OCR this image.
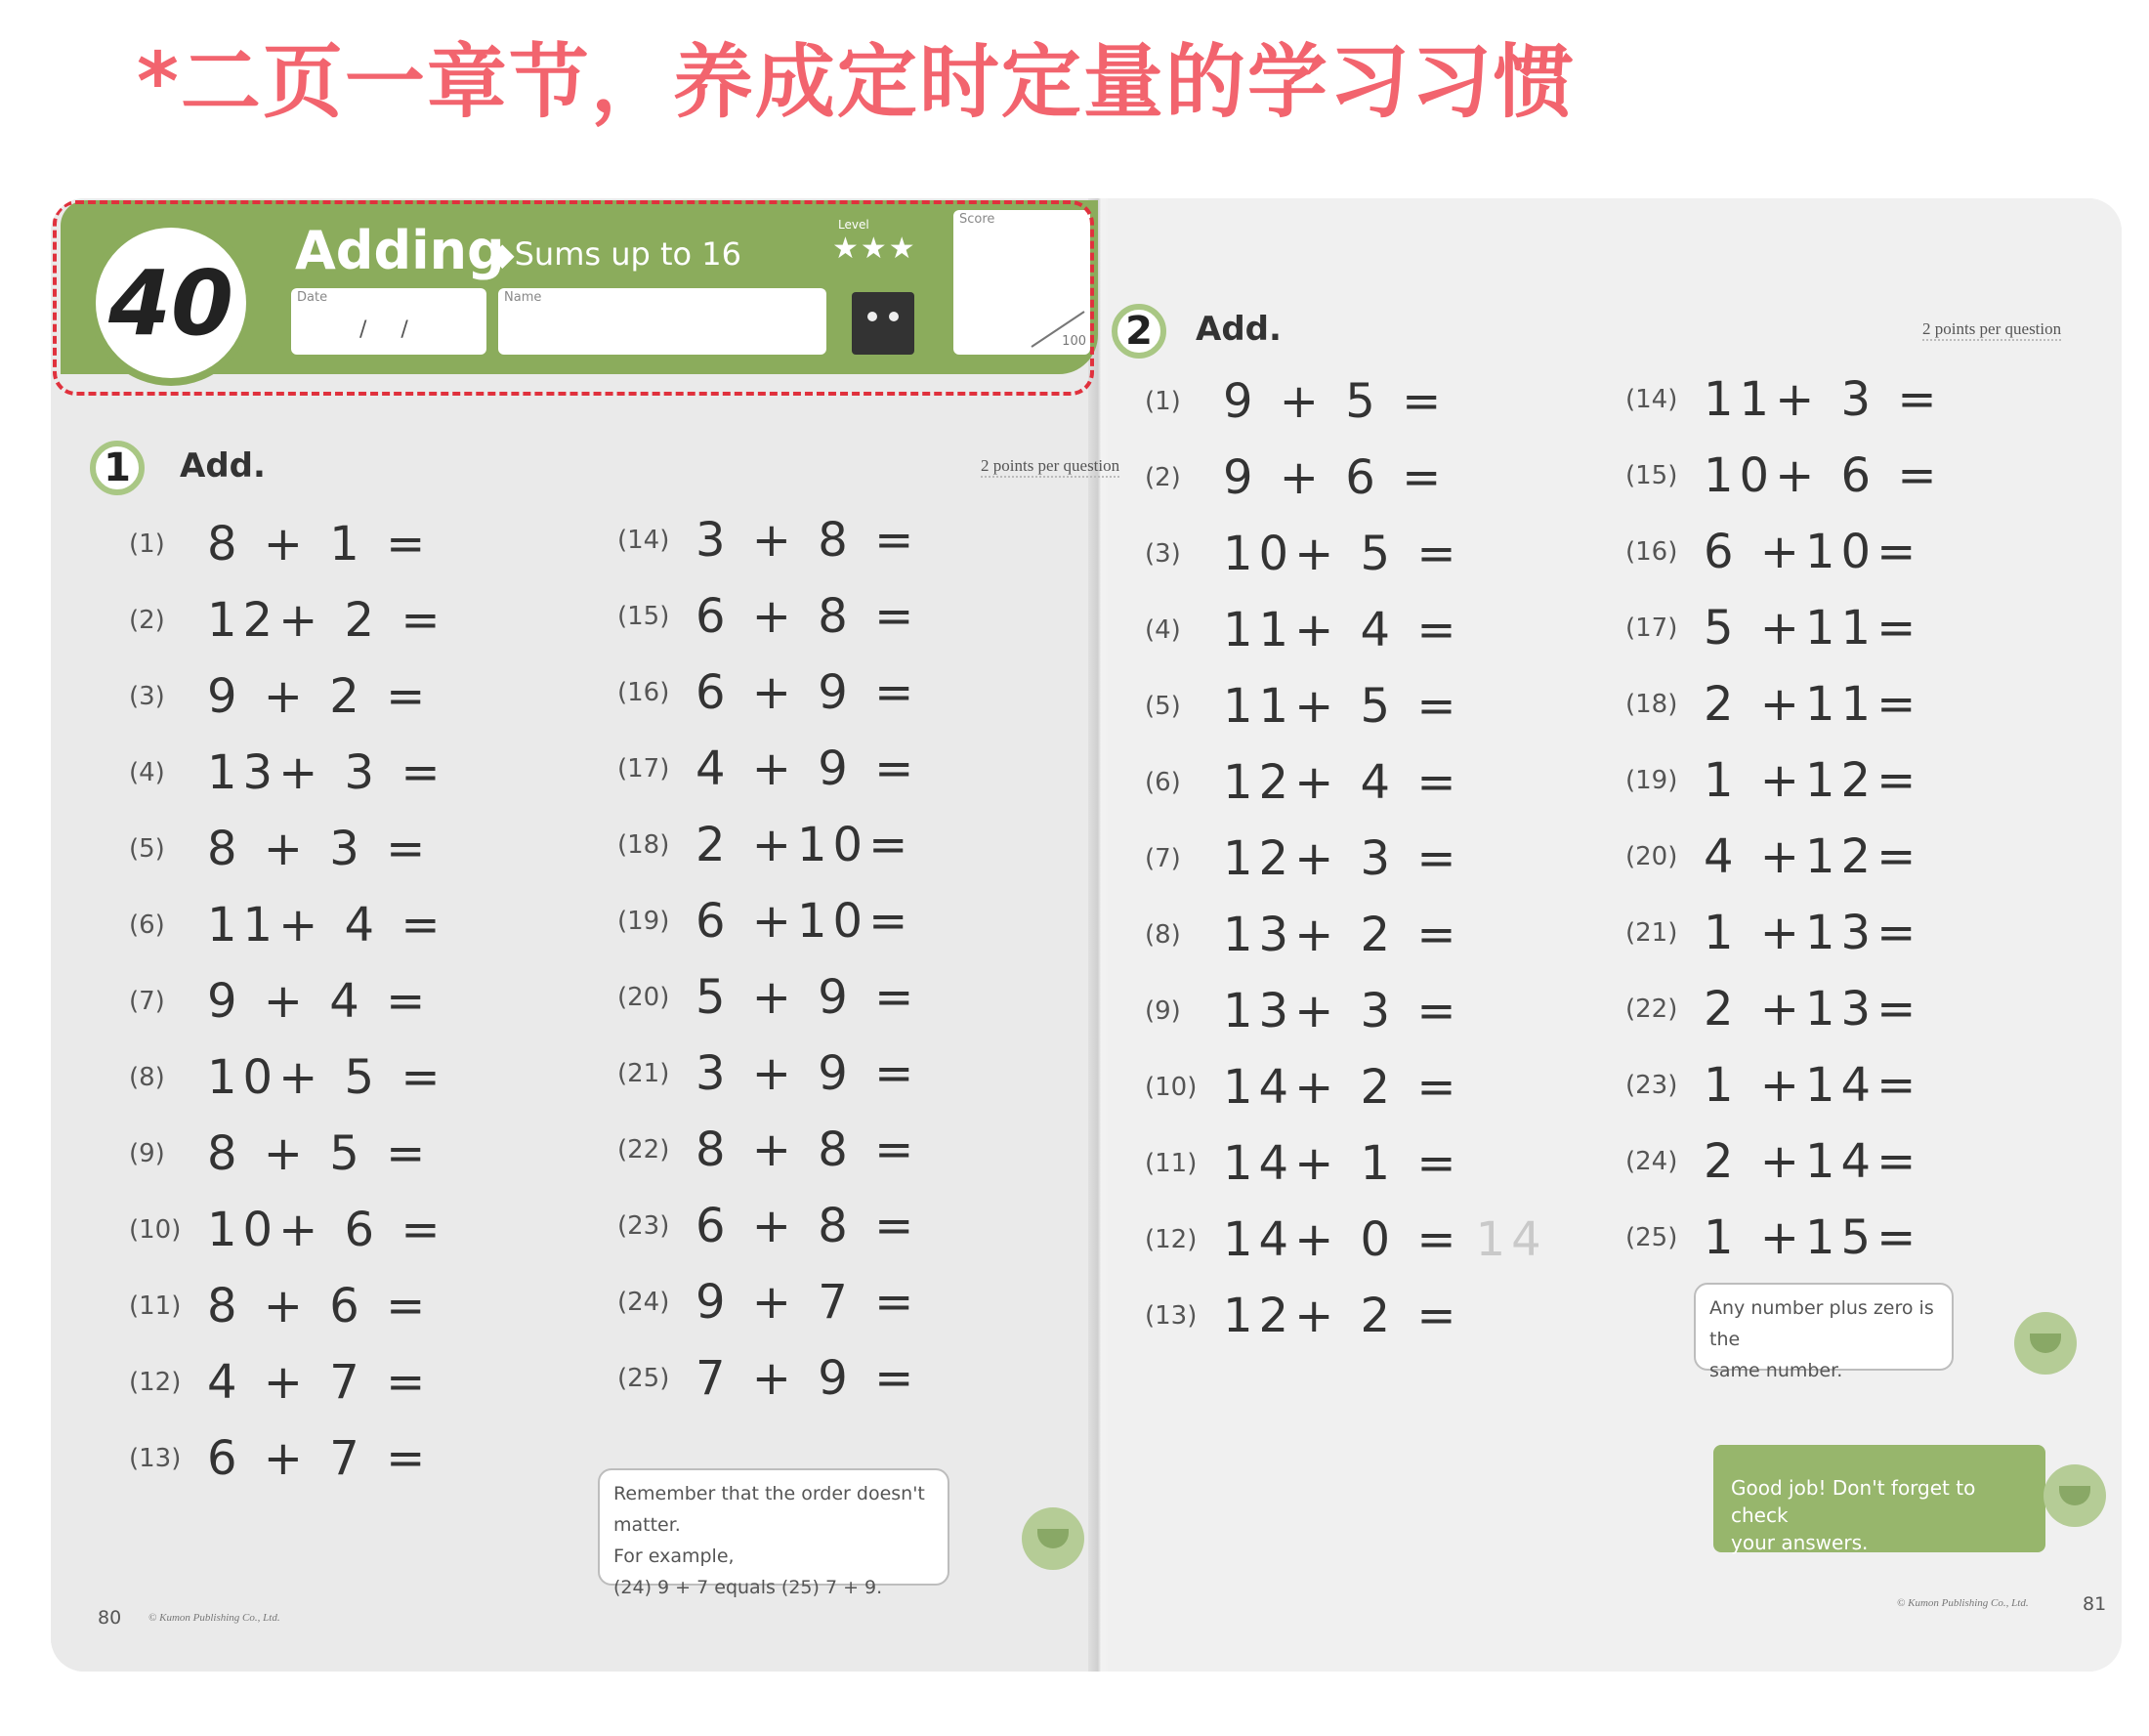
*二页一章节，养成定时定量的学习习惯
Adding
◆Sums up to 16
Level
★★★
Date
/     /
Name
Score
100
40
1	Add.	2 points per question
(1) 8 + 1 =
(2) 12+ 2 =
(3) 9 + 2 =
(4) 13+ 3 =
(5) 8 + 3 =
(6) 11+ 4 =
(7) 9 + 4 =
(8) 10+ 5 =
(9) 8 + 5 =
(10) 10+ 6 =
(11) 8 + 6 =
(12) 4 + 7 =
(13) 6 + 7 =
(14) 3 + 8 =
(15) 6 + 8 =
(16) 6 + 9 =
(17) 4 + 9 =
(18) 2 +10=
(19) 6 +10=
(20) 5 + 9 =
(21) 3 + 9 =
(22) 8 + 8 =
(23) 6 + 8 =
(24) 9 + 7 =
(25) 7 + 9 =
Remember that the order doesn't matter.
For example,
(24) 9 + 7 equals (25) 7 + 9.
2	Add.	2 points per question
(1) 9 + 5 =
(2) 9 + 6 =
(3) 10+ 5 =
(4) 11+ 4 =
(5) 11+ 5 =
(6) 12+ 4 =
(7) 12+ 3 =
(8) 13+ 2 =
(9) 13+ 3 =
(10) 14+ 2 =
(11) 14+ 1 =
(12) 14+ 0 = 14
(13) 12+ 2 =
(14) 11+ 3 =
(15) 10+ 6 =
(16) 6 +10=
(17) 5 +11=
(18) 2 +11=
(19) 1 +12=
(20) 4 +12=
(21) 1 +13=
(22) 2 +13=
(23) 1 +14=
(24) 2 +14=
(25) 1 +15=
Any number plus zero is the
same number.
Good job! Don't forget to check
your answers.
80	© Kumon Publishing Co., Ltd.
© Kumon Publishing Co., Ltd.	81
